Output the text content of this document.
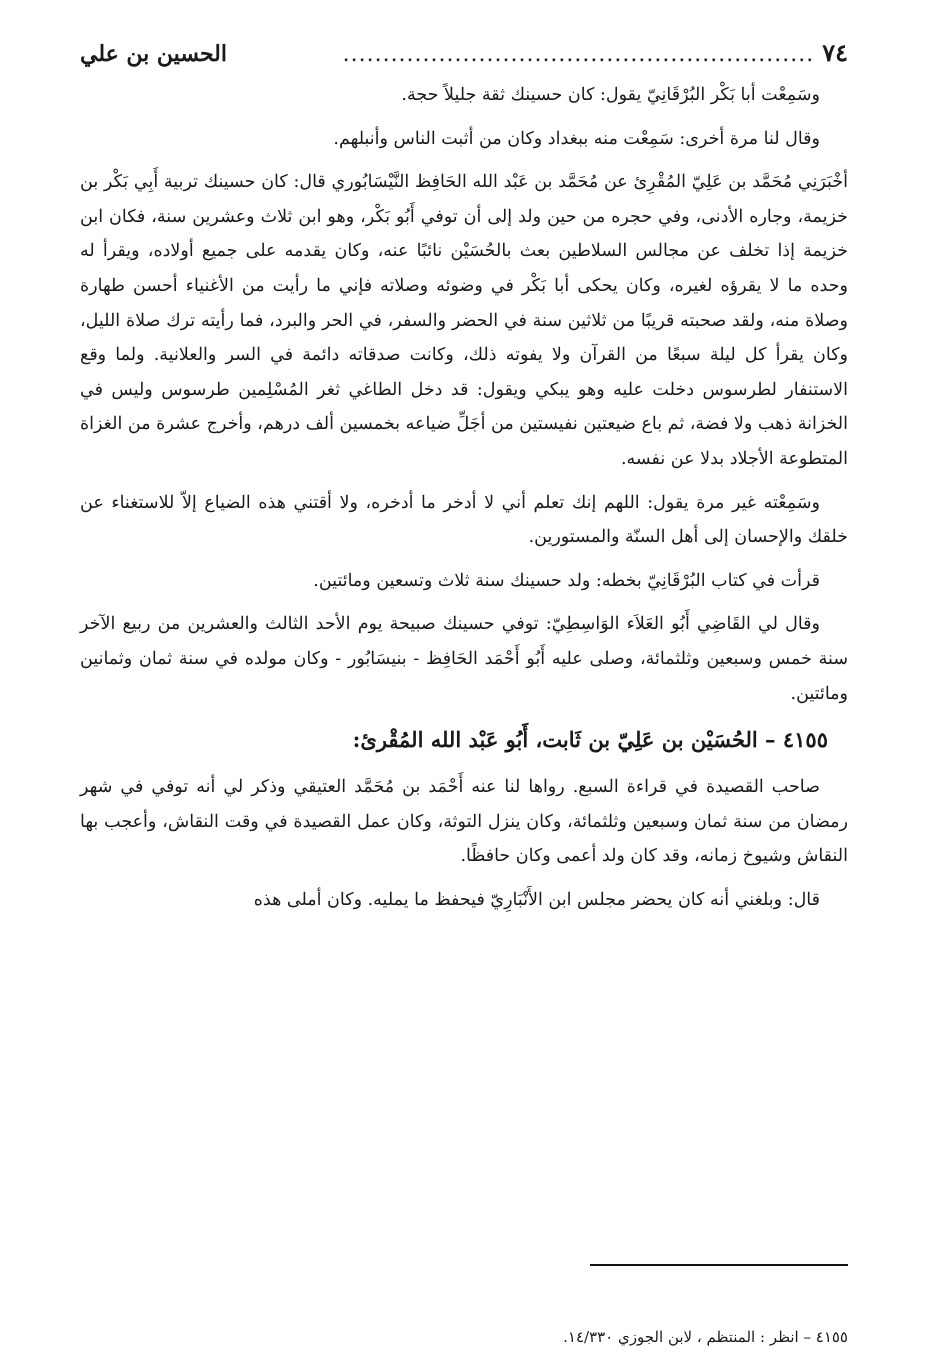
٧٤
...........................................................
الحسين بن علي

وسَمِعْت أبا بَكْر البُرْقَانِيّ يقول: كان حسينك ثقة جليلاً حجة.

وقال لنا مرة أخرى: سَمِعْت منه ببغداد وكان من أثبت الناس وأنبلهم.

أخْبَرَنِي مُحَمَّد بن عَلِيّ المُقْرِئ عن مُحَمَّد بن عَبْد الله الحَافِظ النَّيْسَابُوري قال: كان حسينك تربية أَبِي بَكْر بن خزيمة، وجاره الأدنى، وفي حجره من حين ولد إلى أن توفي أَبُو بَكْر، وهو ابن ثلاث وعشرين سنة، فكان ابن خزيمة إذا تخلف عن مجالس السلاطين بعث بالحُسَيْن نائبًا عنه، وكان يقدمه على جميع أولاده، ويقرأ له وحده ما لا يقرؤه لغيره، وكان يحكى أبا بَكْر في وضوئه وصلاته فإني ما رأيت من الأغنياء أحسن طهارة وصلاة منه، ولقد صحبته قريبًا من ثلاثين سنة في الحضر والسفر، في الحر والبرد، فما رأيته ترك صلاة الليل، وكان يقرأ كل ليلة سبعًا من القرآن ولا يفوته ذلك، وكانت صدقاته دائمة في السر والعلانية. ولما وقع الاستنفار لطرسوس دخلت عليه وهو يبكي ويقول: قد دخل الطاغي ثغر المُسْلِمين طرسوس وليس في الخزانة ذهب ولا فضة، ثم باع ضيعتين نفيستين من أجَلِّ ضياعه بخمسين ألف درهم، وأخرج عشرة من الغزاة المتطوعة الأجلاد بدلا عن نفسه.

وسَمِعْته غير مرة يقول: اللهم إنك تعلم أني لا أدخر ما أدخره، ولا أقتني هذه الضياع إلاّ للاستغناء عن خلقك والإحسان إلى أهل السنّة والمستورين.

قرأت في كتاب البُرْقَانِيّ بخطه: ولد حسينك سنة ثلاث وتسعين ومائتين.

وقال لي القَاضِي أَبُو العَلاَء الوَاسِطِيّ: توفي حسينك صبيحة يوم الأحد الثالث والعشرين من ربيع الآخر سنة خمس وسبعين وثلثمائة، وصلى عليه أَبُو أَحْمَد الحَافِظ - بنيسَابُور - وكان مولده في سنة ثمان وثمانين ومائتين.

٤١٥٥ – الحُسَيْن بن عَلِيّ بن ثَابت، أَبُو عَبْد الله المُقْرئ:

صاحب القصيدة في قراءة السبع. رواها لنا عنه أَحْمَد بن مُحَمَّد العتيقي وذكر لي أنه توفي في شهر رمضان من سنة ثمان وسبعين وثلثمائة، وكان ينزل التوثة، وكان عمل القصيدة في وقت النقاش، وأعجب بها النقاش وشيوخ زمانه، وقد كان ولد أعمى وكان حافظًا.

قال: وبلغني أنه كان يحضر مجلس ابن الأَنْبَارِيّ فيحفظ ما يمليه. وكان أملى هذه

٤١٥٥ – انظر : المنتظم ، لابن الجوزي ١٤/٣٣٠.
